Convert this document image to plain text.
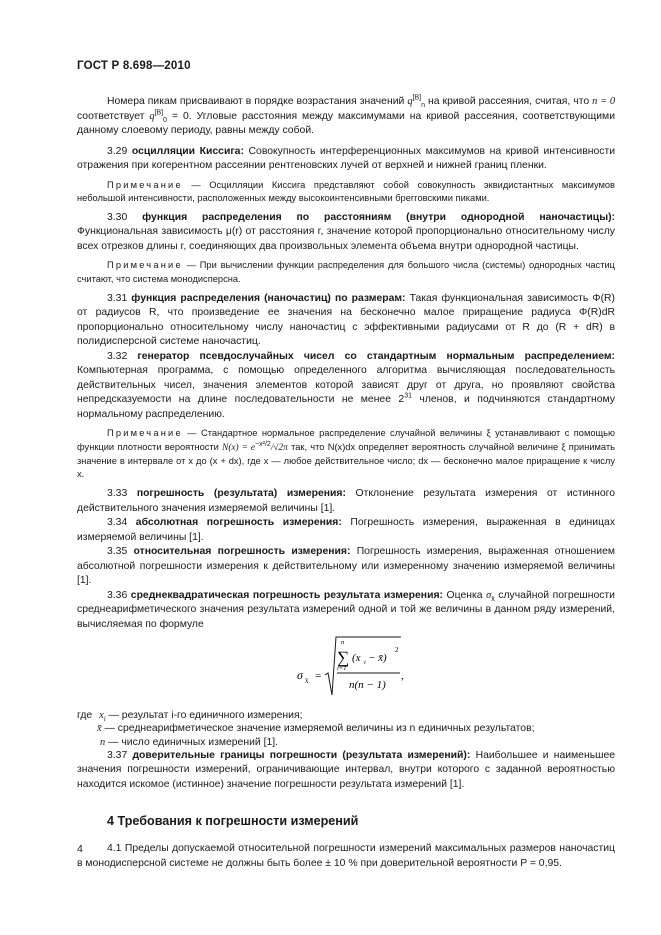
ГОСТ Р 8.698—2010

Номера пикам присваивают в порядке возрастания значений $q[B]_n$ на кривой рассеяния, считая, что n = 0 соответствует $q[B]_0 = 0$. Угловые расстояния между максимумами на кривой рассеяния, соответствующими данному слоевому периоду, равны между собой.

3.29 осцилляции Киссига: Совокупность интерференционных максимумов на кривой интенсивности отражения при когерентном рассеянии рентгеновских лучей от верхней и нижней границ пленки.

Примечание — Осцилляции Киссига представляют собой совокупность эквидистантных максимумов небольшой интенсивности, расположенных между высокоинтенсивными брегговскими пиками.

3.30 функция распределения по расстояниям (внутри однородной наночастицы): Функциональная зависимость μ(r) от расстояния r, значение которой пропорционально относительному числу всех отрезков длины r, соединяющих два произвольных элемента объема внутри однородной частицы.

Примечание — При вычислении функции распределения для большого числа (системы) однородных частиц считают, что система монодисперсна.

3.31 функция распределения (наночастиц) по размерам: Такая функциональная зависимость Φ(R) от радиусов R, что произведение ее значения на бесконечно малое приращение радиуса Φ(R)dR пропорционально относительному числу наночастиц с эффективными радиусами от R до (R + dR) в полидисперсной системе наночастиц.

3.32 генератор псевдослучайных чисел со стандартным нормальным распределением: Компьютерная программа, с помощью определенного алгоритма вычисляющая последовательность действительных чисел, значения элементов которой зависят друг от друга, но проявляют свойства непредсказуемости на длине последовательности не менее $2^{31}$ членов, и подчиняются стандартному нормальному распределению.

Примечание — Стандартное нормальное распределение случайной величины ξ устанавливают с помощью функции плотности вероятности $N(x) = e^{-x^2/2}/√2\pi$ так, что N(x)dx определяет вероятность случайной величине ξ принимать значение в интервале от x до (x + dx), где x — любое действительное число; dx — бесконечно малое приращение к числу x.

3.33 погрешность (результата) измерения: Отклонение результата измерения от истинного действительного значения измеряемой величины [1].

3.34 абсолютная погрешность измерения: Погрешность измерения, выраженная в единицах измеряемой величины [1].

3.35 относительная погрешность измерения: Погрешность измерения, выраженная отношением абсолютной погрешности измерения к действительному или измеренному значению измеряемой величины [1].

3.36 среднеквадратическая погрешность результата измерения: Оценка $\sigma_{x̄}$ случайной погрешности среднеарифметического значения результата измерений одной и той же величины в данном ряду измерений, вычисляемая по формуле

σ x̄ =
n
∑
i=1
(x i − x̄)
2
n(n − 1)
,

где $x_i$ — результат i-го единичного измерения;

x̄ — среднеарифметическое значение измеряемой величины из n единичных результатов;

n — число единичных измерений [1].

3.37 доверительные границы погрешности (результата измерений): Наибольшее и наименьшее значения погрешности измерений, ограничивающие интервал, внутри которого с заданной вероятностью находится искомое (истинное) значение погрешности результата измерений [1].

4 Требования к погрешности измерений

4.1 Пределы допускаемой относительной погрешности измерений максимальных размеров наночастиц в монодисперсной системе не должны быть более ± 10 % при доверительной вероятности P = 0,95.

4
